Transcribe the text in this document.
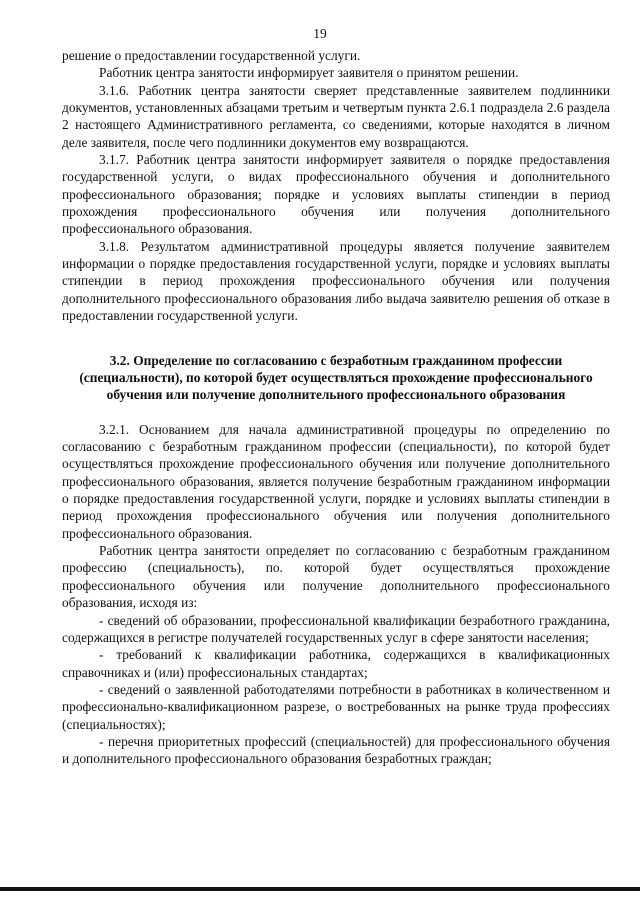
19

решение о предоставлении государственной услуги.

Работник центра занятости информирует заявителя о принятом решении.

3.1.6. Работник центра занятости сверяет представленные заявителем подлинники документов, установленных абзацами третьим и четвертым пункта 2.6.1 подраздела 2.6 раздела 2 настоящего Административного регламента, со сведениями, которые находятся в личном деле заявителя, после чего подлинники документов ему возвращаются.

3.1.7. Работник центра занятости информирует заявителя о порядке предоставления государственной услуги, о видах профессионального обучения и дополнительного профессионального образования; порядке и условиях выплаты стипендии в период прохождения профессионального обучения или получения дополнительного профессионального образования.

3.1.8. Результатом административной процедуры является получение заявителем информации о порядке предоставления государственной услуги, порядке и условиях выплаты стипендии в период прохождения профессионального обучения или получения дополнительного профессионального образования либо выдача заявителю решения об отказе в предоставлении государственной услуги.

3.2. Определение по согласованию с безработным гражданином профессии (специальности), по которой будет осуществляться прохождение профессионального обучения или получение дополнительного профессионального образования

3.2.1. Основанием для начала административной процедуры по определению по согласованию с безработным гражданином профессии (специальности), по которой будет осуществляться прохождение профессионального обучения или получение дополнительного профессионального образования, является получение безработным гражданином информации о порядке предоставления государственной услуги, порядке и условиях выплаты стипендии в период прохождения профессионального обучения или получения дополнительного профессионального образования.

Работник центра занятости определяет по согласованию с безработным гражданином профессию (специальность), по. которой будет осуществляться прохождение профессионального обучения или получение дополнительного профессионального образования, исходя из:

- сведений об образовании, профессиональной квалификации безработного гражданина, содержащихся в регистре получателей государственных услуг в сфере занятости населения;

- требований к квалификации работника, содержащихся в квалификационных справочниках и (или) профессиональных стандартах;

- сведений о заявленной работодателями потребности в работниках в количественном и профессионально-квалификационном разрезе, о востребованных на рынке труда профессиях (специальностях);

- перечня приоритетных профессий (специальностей) для профессионального обучения и дополнительного профессионального образования безработных граждан;
